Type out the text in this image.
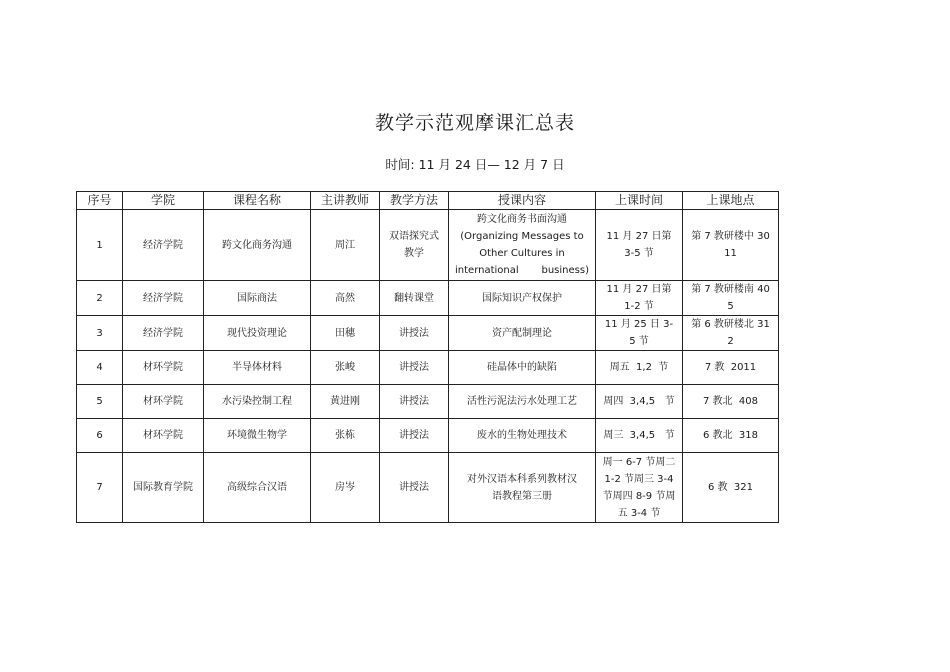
教学示范观摩课汇总表
时间: 11 月 24 日— 12 月 7 日
序号	学院	课程名称	主讲教师	教学方法	授课内容	上课时间	上课地点
1	经济学院	跨文化商务沟通	周江	双语探究式教学	跨文化商务书面沟通
(Organizing Messages to
Other Cultures in
international business)	11 月 27 日第 3-5 节	第 7 教研楼中 3011
2	经济学院	国际商法	高然	翻转课堂	国际知识产权保护	11 月 27 日第 1-2 节	第 7 教研楼南 405
3	经济学院	现代投资理论	田穗	讲授法	资产配制理论	11 月 25 日 3-5 节	第 6 教研楼北 312
4	材环学院	半导体材料	张峻	讲授法	硅晶体中的缺陷	周五  1,2  节	7 教  2011
5	材环学院	水污染控制工程	黄进刚	讲授法	活性污泥法污水处理工艺	周四  3,4,5   节	7 教北  408
6	材环学院	环境微生物学	张栋	讲授法	废水的生物处理技术	周三  3,4,5   节	6 教北  318
7	国际教育学院	高级综合汉语	房岑	讲授法	对外汉语本科系列教材汉语教程第三册	周一 6-7 节周二 1-2 节周三 3-4 节周四 8-9 节周五 3-4 节	6 教  321
